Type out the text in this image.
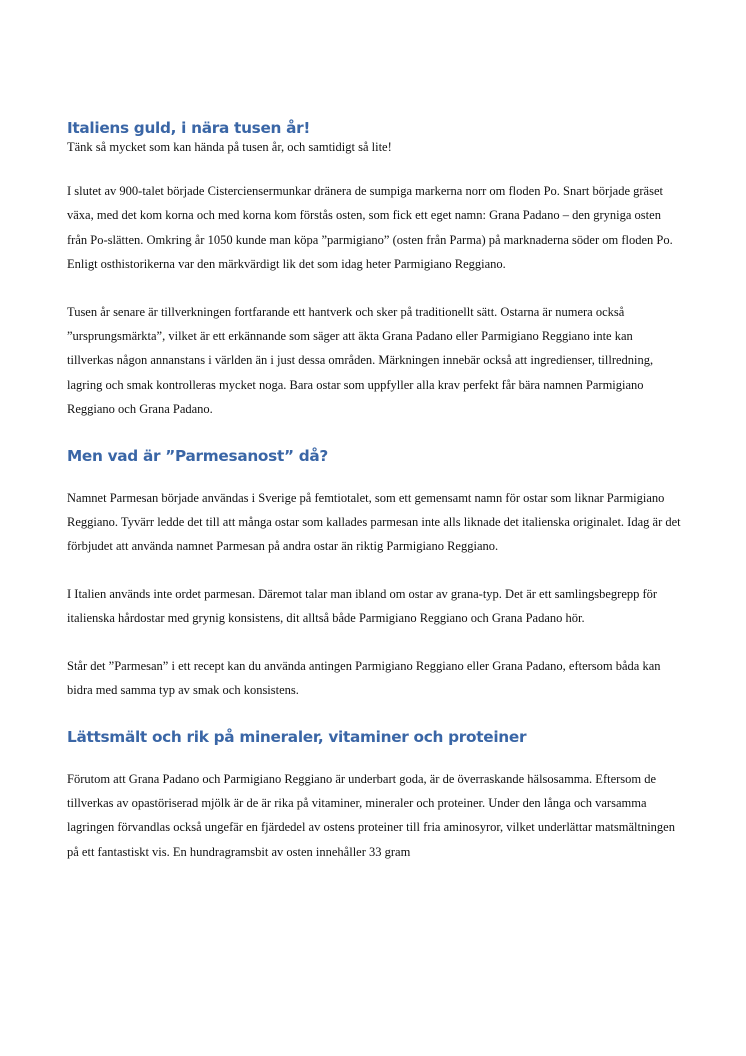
Italiens guld, i nära tusen år!

Tänk så mycket som kan hända på tusen år, och samtidigt så lite!

I slutet av 900-talet började Cisterciensermunkar dränera de sumpiga markerna norr om floden Po. Snart började gräset växa, med det kom korna och med korna kom förstås osten, som fick ett eget namn: Grana Padano – den gryniga osten från Po-slätten. Omkring år 1050 kunde man köpa ”parmigiano” (osten från Parma) på marknaderna söder om floden Po. Enligt osthistorikerna var den märkvärdigt lik det som idag heter Parmigiano Reggiano.

Tusen år senare är tillverkningen fortfarande ett hantverk och sker på traditionellt sätt. Ostarna är numera också ”ursprungsmärkta”, vilket är ett erkännande som säger att äkta Grana Padano eller Parmigiano Reggiano inte kan tillverkas någon annanstans i världen än i just dessa områden. Märkningen innebär också att ingredienser, tillredning, lagring och smak kontrolleras mycket noga. Bara ostar som uppfyller alla krav perfekt får bära namnen Parmigiano Reggiano och Grana Padano.

Men vad är ”Parmesanost” då?

Namnet Parmesan började användas i Sverige på femtiotalet, som ett gemensamt namn för ostar som liknar Parmigiano Reggiano. Tyvärr ledde det till att många ostar som kallades parmesan inte alls liknade det italienska originalet. Idag är det förbjudet att använda namnet Parmesan på andra ostar än riktig Parmigiano Reggiano.

I Italien används inte ordet parmesan. Däremot talar man ibland om ostar av grana-typ. Det är ett samlingsbegrepp för italienska hårdostar med grynig konsistens, dit alltså både Parmigiano Reggiano och Grana Padano hör.

Står det ”Parmesan” i ett recept kan du använda antingen Parmigiano Reggiano eller Grana Padano, eftersom båda kan bidra med samma typ av smak och konsistens.

Lättsmält och rik på mineraler, vitaminer och proteiner

Förutom att Grana Padano och Parmigiano Reggiano är underbart goda, är de överraskande hälsosamma. Eftersom de tillverkas av opastöriserad mjölk är de är rika på vitaminer, mineraler och proteiner. Under den långa och varsamma lagringen förvandlas också ungefär en fjärdedel av ostens proteiner till fria aminosyror, vilket underlättar matsmältningen på ett fantastiskt vis. En hundragramsbit av osten innehåller 33 gram
